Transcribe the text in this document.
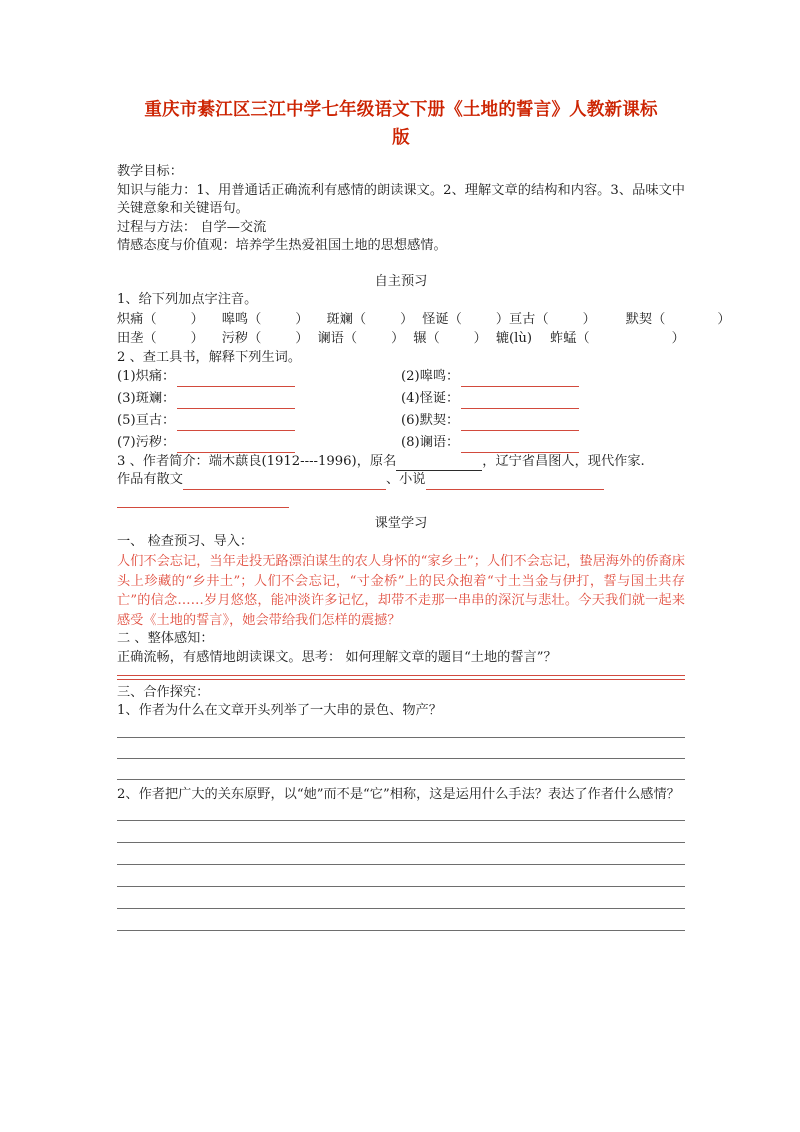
重庆市綦江区三江中学七年级语文下册《土地的誓言》人教新课标
版

教学目标：

知识与能力：1、用普通话正确流利有感情的朗读课文。2、理解文章的结构和内容。3、品味文中关键意象和关键语句。

过程与方法： 自学—交流

情感态度与价值观：培养学生热爱祖国土地的思想感情。

自主预习

1、给下列加点字注音。

炽痛（	） 嗥鸣（	） 斑斓（	） 怪诞（	）亘古（	） 默契（	）
田垄（	） 污秽（	） 谰语（	） 辗（	） 辘(lù) 蚱蜢（	）

2 、查工具书，解释下列生词。

(1)炽痛：	(2)嗥鸣：
(3)斑斓：	(4)怪诞：
(5)亘古：	(6)默契：
(7)污秽：	(8)谰语：

3 、作者简介：端木蕻良(1912----1996)，原名	，辽宁省昌图人，现代作家.

作品有散文	、小说

课堂学习

一、 检查预习、导入：

人们不会忘记，当年走投无路漂泊谋生的农人身怀的“家乡土”；人们不会忘记，蛰居海外的侨裔床头上珍藏的“乡井土”；人们不会忘记，“寸金桥”上的民众抱着“寸土当金与伊打，誓与国土共存亡”的信念……岁月悠悠，能冲淡许多记忆，却带不走那一串串的深沉与悲壮。今天我们就一起来感受《土地的誓言》，她会带给我们怎样的震撼？

二 、整体感知：

正确流畅，有感情地朗读课文。思考： 如何理解文章的题目“土地的誓言”？

三、合作探究：

1、作者为什么在文章开头列举了一大串的景色、物产？

2、作者把广大的关东原野，以“她”而不是“它”相称，这是运用什么手法？表达了作者什么感情？
